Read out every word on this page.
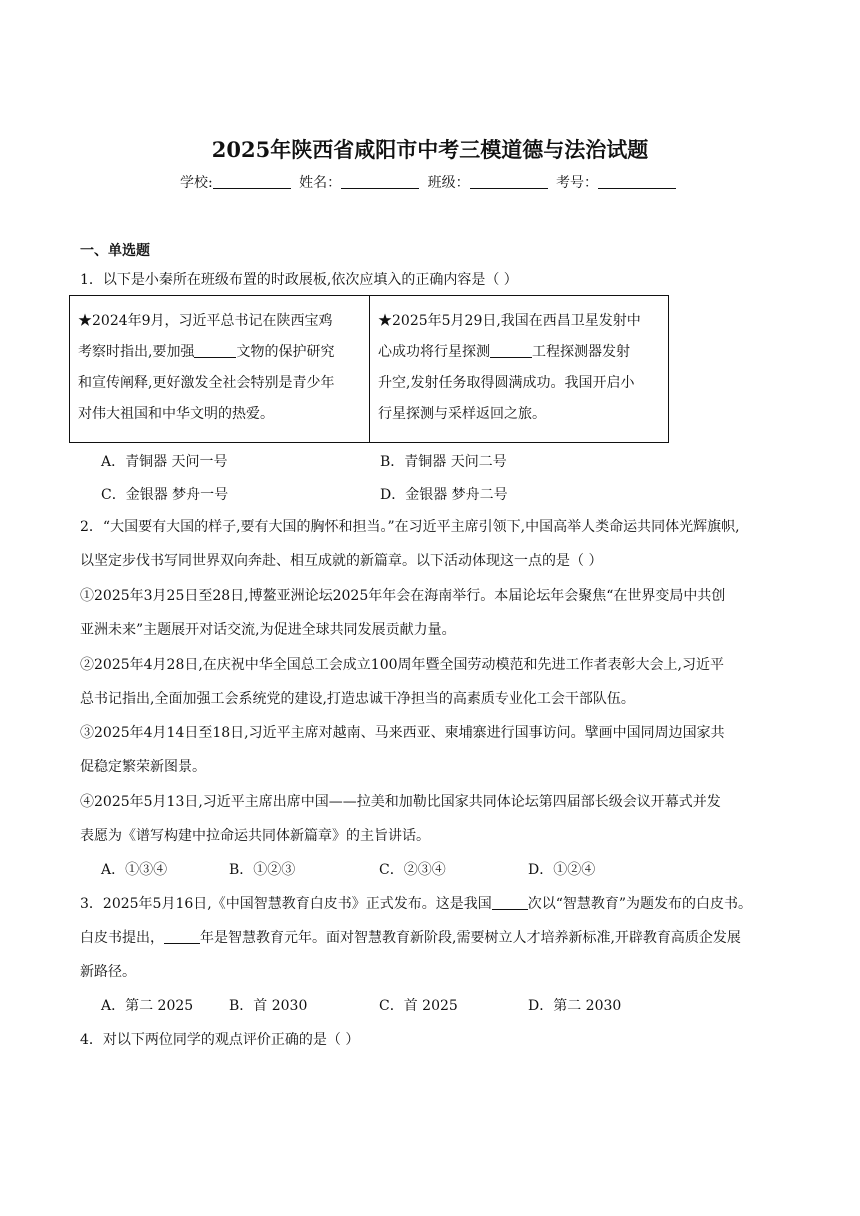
2025年陕西省咸阳市中考三模道德与法治试题
学校:	姓名：	班级：	考号：
一、单选题
1．以下是小秦所在班级布置的时政展板,依次应填入的正确内容是（ ）
★2024年9月，习近平总书记在陕西宝鸡
考察时指出,要加强	文物的保护研究
和宣传阐释,更好激发全社会特别是青少年
对伟大祖国和中华文明的热爱。
★2025年5月29日,我国在西昌卫星发射中
心成功将行星探测	工程探测器发射
升空,发射任务取得圆满成功。我国开启小
行星探测与采样返回之旅。
A．青铜器 天问一号	B．青铜器 天问二号
C．金银器 梦舟一号	D．金银器 梦舟二号
2．“大国要有大国的样子,要有大国的胸怀和担当。”在习近平主席引领下,中国高举人类命运共同体光辉旗帜,
以坚定步伐书写同世界双向奔赴、相互成就的新篇章。以下活动体现这一点的是（ ）
①2025年3月25日至28日,博鳌亚洲论坛2025年年会在海南举行。本届论坛年会聚焦“在世界变局中共创
亚洲未来”主题展开对话交流,为促进全球共同发展贡献力量。
②2025年4月28日,在庆祝中华全国总工会成立100周年暨全国劳动模范和先进工作者表彰大会上,习近平
总书记指出,全面加强工会系统党的建设,打造忠诚干净担当的高素质专业化工会干部队伍。
③2025年4月14日至18日,习近平主席对越南、马来西亚、柬埔寨进行国事访问。擘画中国同周边国家共
促稳定繁荣新图景。
④2025年5月13日,习近平主席出席中国——拉美和加勒比国家共同体论坛第四届部长级会议开幕式并发
表愿为《谱写构建中拉命运共同体新篇章》的主旨讲话。
A．①③④	B．①②③	C．②③④	D．①②④
3．2025年5月16日,《中国智慧教育白皮书》正式发布。这是我国	次以“智慧教育”为题发布的白皮书。
白皮书提出，	年是智慧教育元年。面对智慧教育新阶段,需要树立人才培养新标准,开辟教育高质企发展
新路径。
A．第二 2025	B．首 2030	C．首 2025	D．第二 2030
4．对以下两位同学的观点评价正确的是（ ）
